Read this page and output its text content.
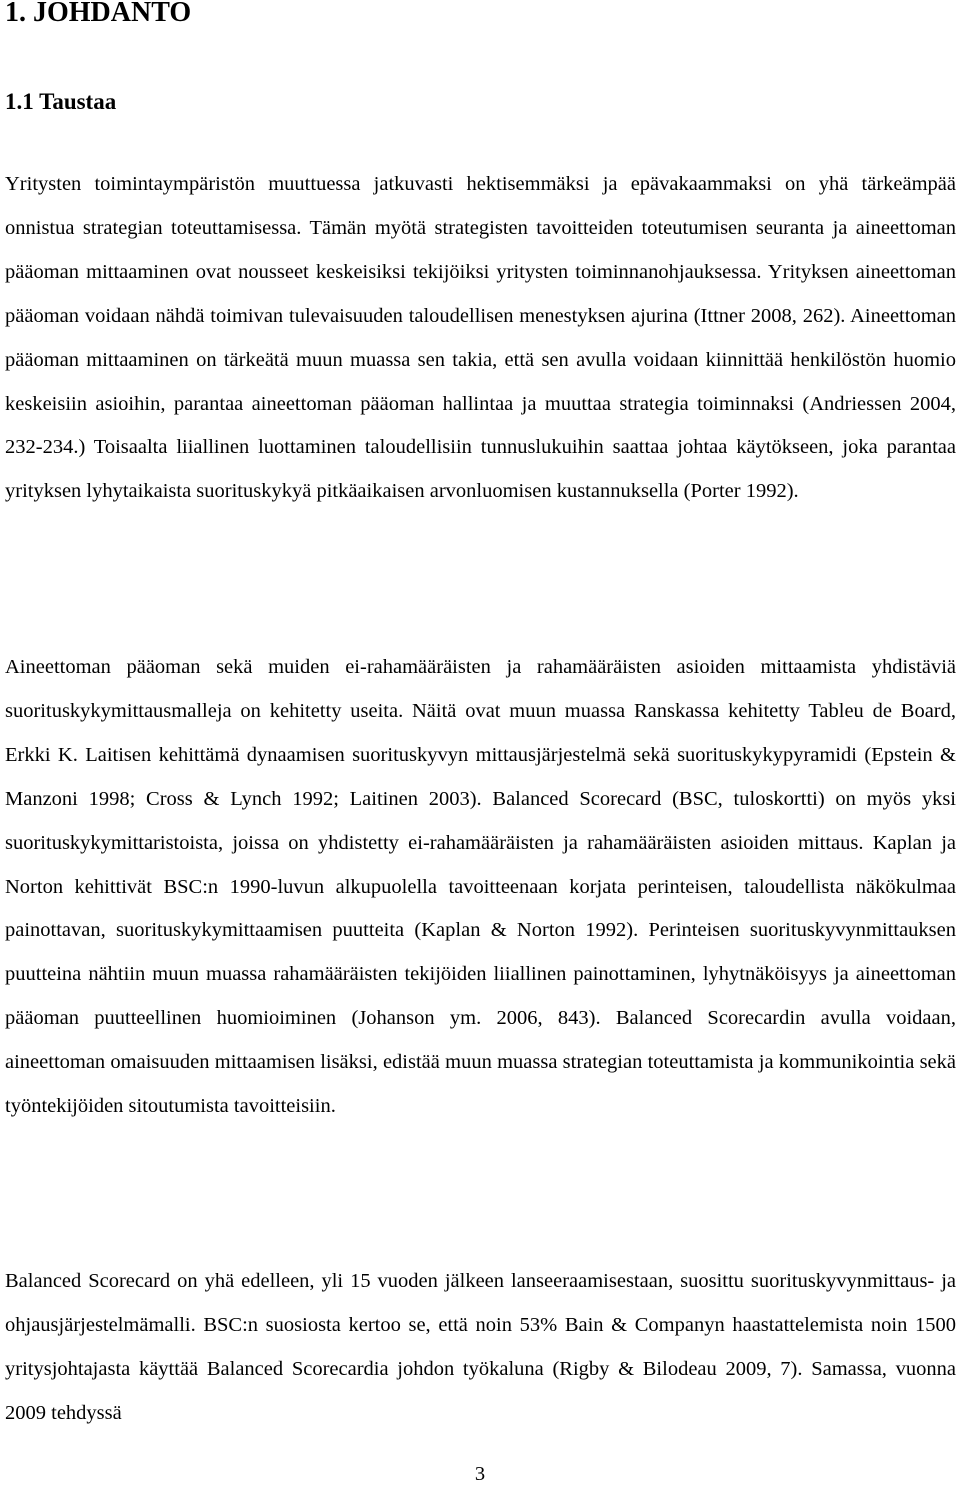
1. JOHDANTO
1.1 Taustaa

Yritysten toimintaympäristön muuttuessa jatkuvasti hektisemmäksi ja epävakaammaksi on yhä tärkeämpää onnistua strategian toteuttamisessa. Tämän myötä strategisten tavoitteiden toteutumisen seuranta ja aineettoman pääoman mittaaminen ovat nousseet keskeisiksi tekijöiksi yritysten toiminnanohjauksessa. Yrityksen aineettoman pääoman voidaan nähdä toimivan tulevaisuuden taloudellisen menestyksen ajurina (Ittner 2008, 262). Aineettoman pääoman mittaaminen on tärkeätä muun muassa sen takia, että sen avulla voidaan kiinnittää henkilöstön huomio keskeisiin asioihin, parantaa aineettoman pääoman hallintaa ja muuttaa strategia toiminnaksi (Andriessen 2004, 232-234.) Toisaalta liiallinen luottaminen taloudellisiin tunnuslukuihin saattaa johtaa käytökseen, joka parantaa yrityksen lyhytaikaista suorituskykyä pitkäaikaisen arvonluomisen kustannuksella (Porter 1992).

Aineettoman pääoman sekä muiden ei-rahamääräisten ja rahamääräisten asioiden mittaamista yhdistäviä suorituskykymittausmalleja on kehitetty useita. Näitä ovat muun muassa Ranskassa kehitetty Tableu de Board, Erkki K. Laitisen kehittämä dynaamisen suorituskyvyn mittausjärjestelmä sekä suorituskykypyramidi (Epstein & Manzoni 1998; Cross & Lynch 1992; Laitinen 2003). Balanced Scorecard (BSC, tuloskortti) on myös yksi suorituskykymittaristoista, joissa on yhdistetty ei-rahamääräisten ja rahamääräisten asioiden mittaus. Kaplan ja Norton kehittivät BSC:n 1990-luvun alkupuolella tavoitteenaan korjata perinteisen, taloudellista näkökulmaa painottavan, suorituskykymittaamisen puutteita (Kaplan & Norton 1992). Perinteisen suorituskyvynmittauksen puutteina nähtiin muun muassa rahamääräisten tekijöiden liiallinen painottaminen, lyhytnäköisyys ja aineettoman pääoman puutteellinen huomioiminen (Johanson ym. 2006, 843). Balanced Scorecardin avulla voidaan, aineettoman omaisuuden mittaamisen lisäksi, edistää muun muassa strategian toteuttamista ja kommunikointia sekä työntekijöiden sitoutumista tavoitteisiin.

Balanced Scorecard on yhä edelleen, yli 15 vuoden jälkeen lanseeraamisestaan, suosittu suorituskyvynmittaus- ja ohjausjärjestelmämalli. BSC:n suosiosta kertoo se, että noin 53% Bain & Companyn haastattelemista noin 1500 yritysjohtajasta käyttää Balanced Scorecardia johdon työkaluna (Rigby & Bilodeau 2009, 7). Samassa, vuonna 2009 tehdyssä

3
